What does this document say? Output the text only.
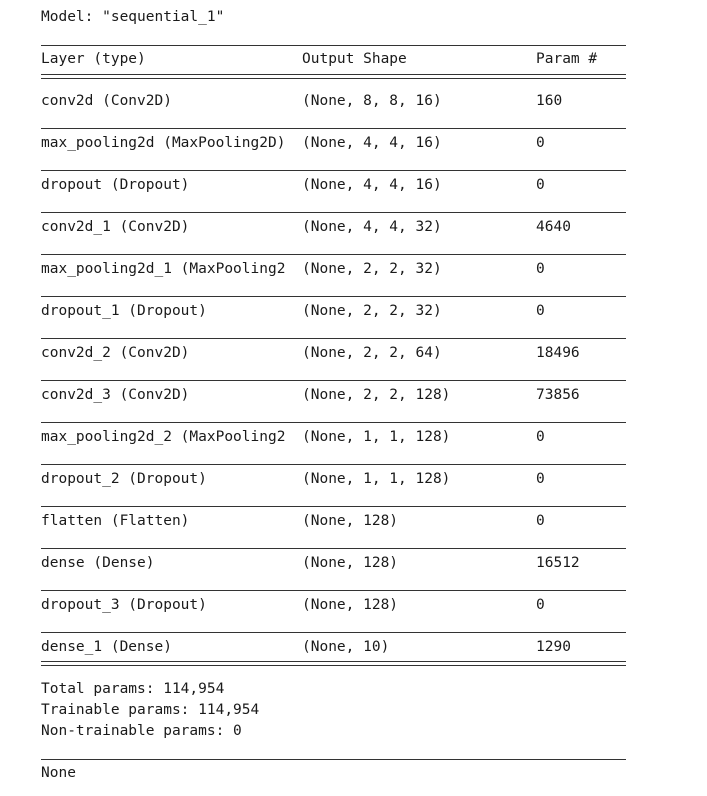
Model: "sequential_1"
Layer (type)	Output Shape	Param #
conv2d (Conv2D)	(None, 8, 8, 16)	160
max_pooling2d (MaxPooling2D) (None, 4, 4, 16)	0
dropout (Dropout)	(None, 4, 4, 16)	0
conv2d_1 (Conv2D)	(None, 4, 4, 32)	4640
max_pooling2d_1 (MaxPooling2 (None, 2, 2, 32)	0
dropout_1 (Dropout)	(None, 2, 2, 32)	0
conv2d_2 (Conv2D)	(None, 2, 2, 64)	18496
conv2d_3 (Conv2D)	(None, 2, 2, 128)	73856
max_pooling2d_2 (MaxPooling2 (None, 1, 1, 128)	0
dropout_2 (Dropout)	(None, 1, 1, 128)	0
flatten (Flatten)	(None, 128)	0
dense (Dense)	(None, 128)	16512
dropout_3 (Dropout)	(None, 128)	0
dense_1 (Dense)	(None, 10)	1290
Total params: 114,954
Trainable params: 114,954
Non-trainable params: 0
None
